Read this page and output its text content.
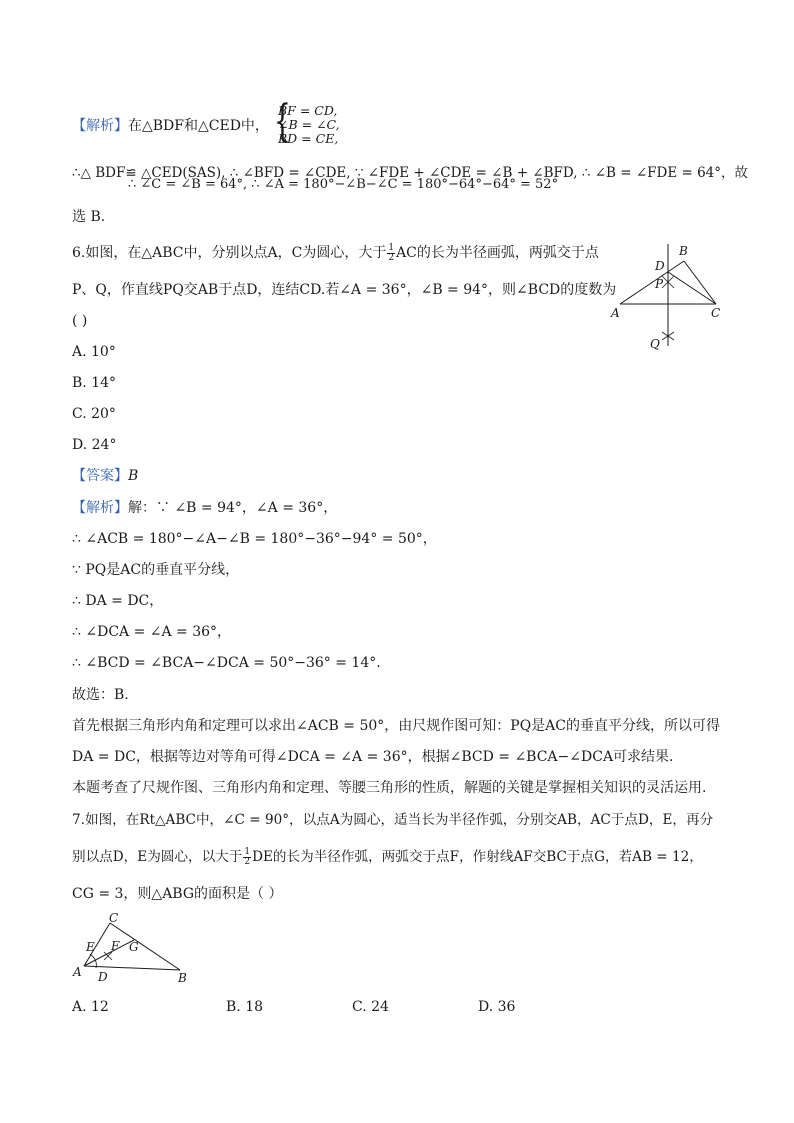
【解析】在△BDF和△CED中， {
BF = CD,
∠B = ∠C,
BD = CE,
∴△ BDF≌ △CED(SAS), ∴ ∠BFD = ∠CDE, ∵ ∠FDE + ∠CDE = ∠B + ∠BFD, ∴ ∠B = ∠FDE = 64°，故
∴ ∠C = ∠B = 64°, ∴ ∠A = 180°−∠B−∠C = 180°−64°−64° = 52°
选 B.
6.如图，在△ABC中，分别以点A，C为圆心，大于 $\frac{1}{2}$ AC的长为半径画弧，两弧交于点
P、Q，作直线PQ交AB于点D，连结CD.若∠A = 36°，∠B = 94°，则∠BCD的度数为
( )
B
D
P
A	C
Q
A. 10°
B. 14°
C. 20°
D. 24°
【答案】B
【解析】解：∵ ∠B = 94°，∠A = 36°，
∴ ∠ACB = 180°−∠A−∠B = 180°−36°−94° = 50°，
∵ PQ是AC的垂直平分线，
∴ DA = DC，
∴ ∠DCA = ∠A = 36°，
∴ ∠BCD = ∠BCA−∠DCA = 50°−36° = 14°.
故选：B.
首先根据三角形内角和定理可以求出∠ACB = 50°，由尺规作图可知：PQ是AC的垂直平分线，所以可得
DA = DC，根据等边对等角可得∠DCA = ∠A = 36°，根据∠BCD = ∠BCA−∠DCA可求结果.
本题考查了尺规作图、三角形内角和定理、等腰三角形的性质，解题的关键是掌握相关知识的灵活运用.
7.如图，在Rt△ABC中，∠C = 90°，以点A为圆心，适当长为半径作弧，分别交AB，AC于点D，E，再分
别以点D，E为圆心，以大于 $\frac{1}{2}$ DE的长为半径作弧，两弧交于点F，作射线AF交BC于点G，若AB = 12，
CG = 3，则△ABG的面积是（ ）
C
E F G
A D	B
A. 12	B. 18	C. 24	D. 36
